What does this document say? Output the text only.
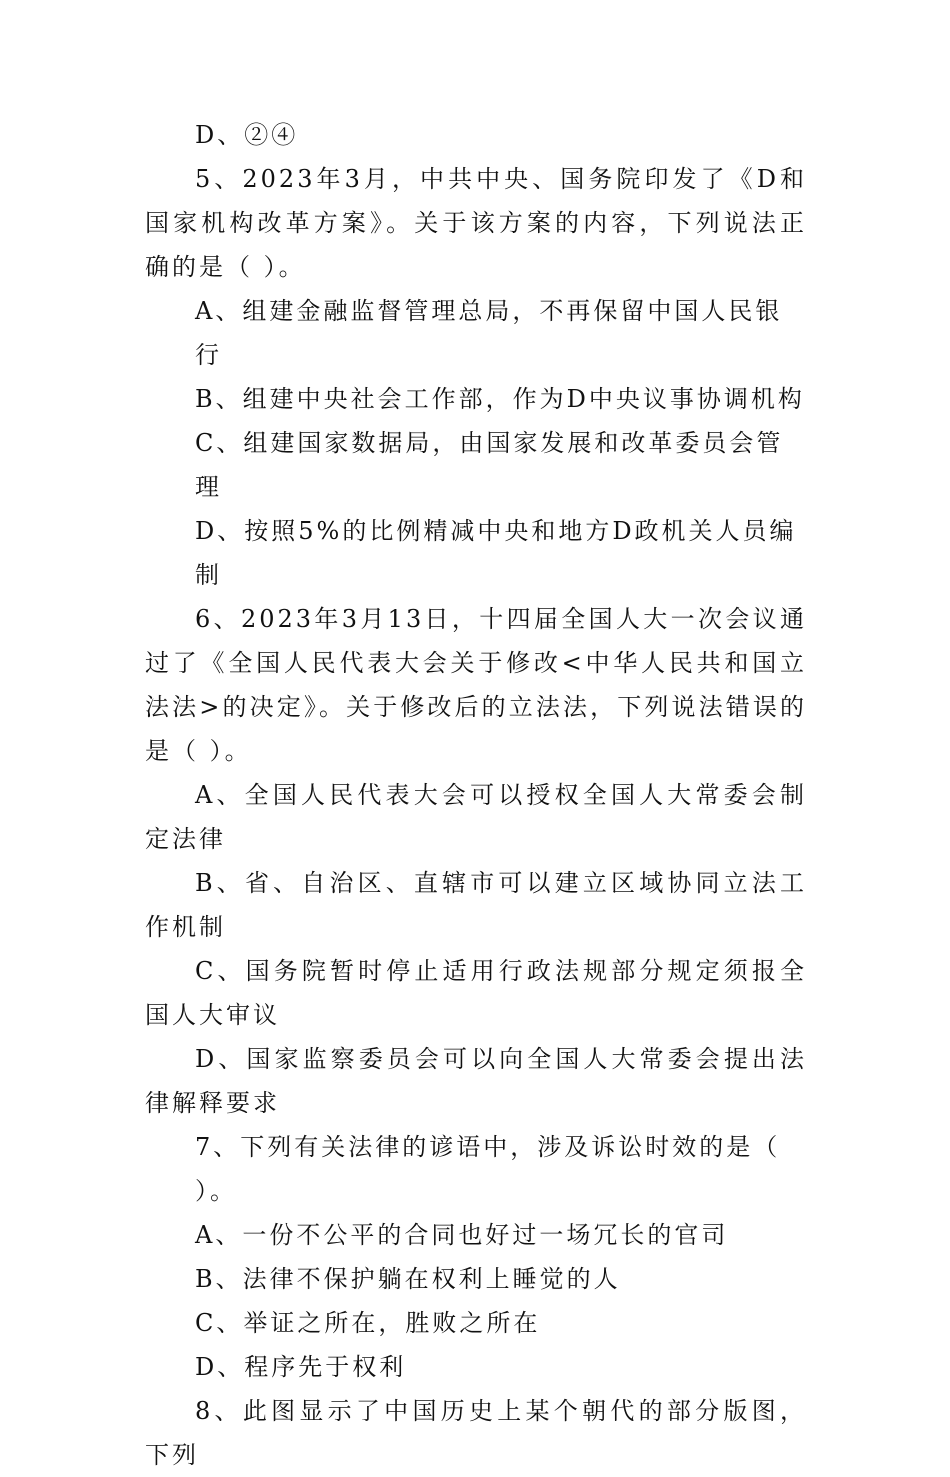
D、②④

5、2023年3月，中共中央、国务院印发了《D和国家机构改革方案》。关于该方案的内容，下列说法正确的是（ ）。

A、组建金融监督管理总局，不再保留中国人民银行

B、组建中央社会工作部，作为D中央议事协调机构

C、组建国家数据局，由国家发展和改革委员会管理

D、按照5%的比例精减中央和地方D政机关人员编制

6、2023年3月13日，十四届全国人大一次会议通过了《全国人民代表大会关于修改<中华人民共和国立法法>的决定》。关于修改后的立法法，下列说法错误的是（ ）。

A、全国人民代表大会可以授权全国人大常委会制定法律

B、省、自治区、直辖市可以建立区域协同立法工作机制

C、国务院暂时停止适用行政法规部分规定须报全国人大审议

D、国家监察委员会可以向全国人大常委会提出法律解释要求

7、下列有关法律的谚语中，涉及诉讼时效的是（ ）。

A、一份不公平的合同也好过一场冗长的官司

B、法律不保护躺在权利上睡觉的人

C、举证之所在，胜败之所在

D、程序先于权利

8、此图显示了中国历史上某个朝代的部分版图，下列
